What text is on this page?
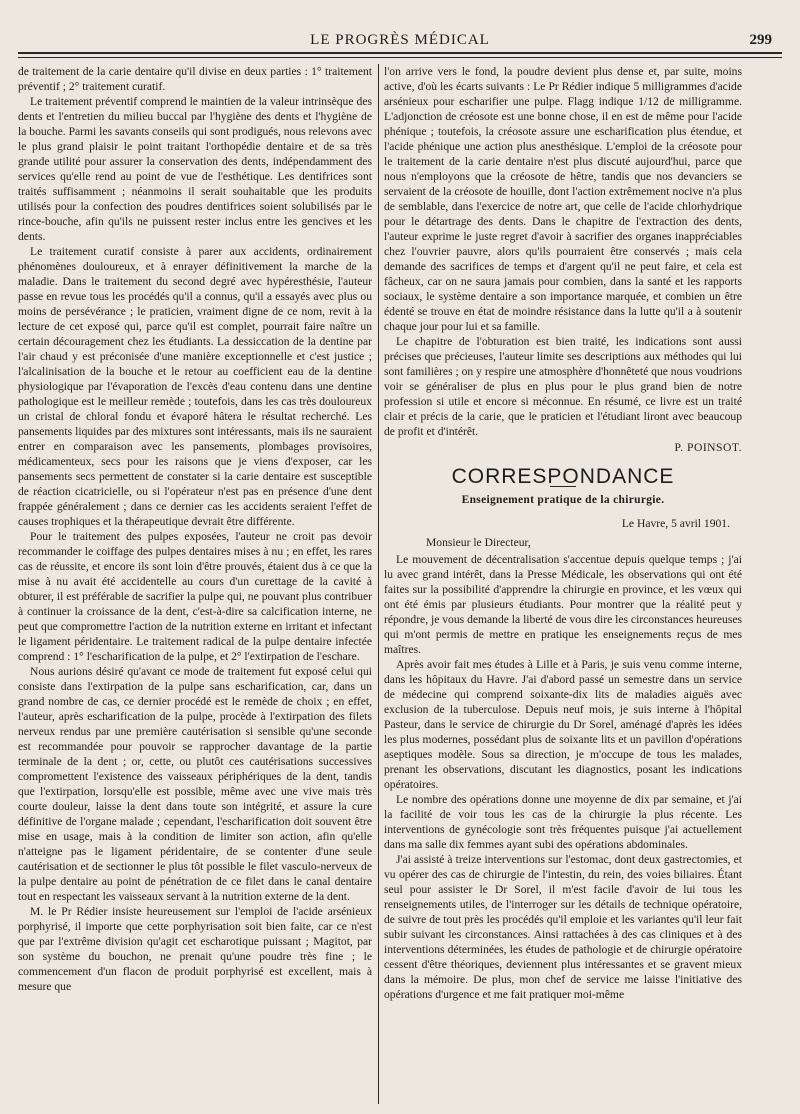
LE PROGRÈS MÉDICAL	299

de traitement de la carie dentaire qu'il divise en deux parties : 1° traitement préventif ; 2° traitement curatif.

Le traitement préventif comprend le maintien de la valeur intrinsèque des dents et l'entretien du milieu buccal par l'hygiène des dents et l'hygiène de la bouche. Parmi les savants conseils qui sont prodigués, nous relevons avec le plus grand plaisir le point traitant l'orthopédie dentaire et de sa très grande utilité pour assurer la conservation des dents, indépendamment des services qu'elle rend au point de vue de l'esthétique. Les dentifrices sont traités suffisamment ; néanmoins il serait souhaitable que les produits utilisés pour la confection des poudres dentifrices soient solubilisés par le rince-bouche, afin qu'ils ne puissent rester inclus entre les gencives et les dents.

Le traitement curatif consiste à parer aux accidents, ordinairement phénomènes douloureux, et à enrayer définitivement la marche de la maladie. Dans le traitement du second degré avec hypéresthésie, l'auteur passe en revue tous les procédés qu'il a connus, qu'il a essayés avec plus ou moins de persévérance ; le praticien, vraiment digne de ce nom, revit à la lecture de cet exposé qui, parce qu'il est complet, pourrait faire naître un certain découragement chez les étudiants. La dessiccation de la dentine par l'air chaud y est préconisée d'une manière exceptionnelle et c'est justice ; l'alcalinisation de la bouche et le retour au coefficient eau de la dentine physiologique par l'évaporation de l'excès d'eau contenu dans une dentine pathologique est le meilleur remède ; toutefois, dans les cas très douloureux un cristal de chloral fondu et évaporé hâtera le résultat recherché. Les pansements liquides par des mixtures sont intéressants, mais ils ne sauraient entrer en comparaison avec les pansements, plombages provisoires, médicamenteux, secs pour les raisons que je viens d'exposer, car les pansements secs permettent de constater si la carie dentaire est susceptible de réaction cicatricielle, ou si l'opérateur n'est pas en présence d'une dent frappée généralement ; dans ce dernier cas les accidents seraient l'effet de causes trophiques et la thérapeutique devrait être différente.

Pour le traitement des pulpes exposées, l'auteur ne croit pas devoir recommander le coiffage des pulpes dentaires mises à nu ; en effet, les rares cas de réussite, et encore ils sont loin d'être prouvés, étaient dus à ce que la mise à nu avait été accidentelle au cours d'un curettage de la cavité à obturer, il est préférable de sacrifier la pulpe qui, ne pouvant plus contribuer à continuer la croissance de la dent, c'est-à-dire sa calcification interne, ne peut que compromettre l'action de la nutrition externe en irritant et infectant le ligament péridentaire. Le traitement radical de la pulpe dentaire infectée comprend : 1° l'escharification de la pulpe, et 2° l'extirpation de l'eschare.

Nous aurions désiré qu'avant ce mode de traitement fut exposé celui qui consiste dans l'extirpation de la pulpe sans escharification, car, dans un grand nombre de cas, ce dernier procédé est le remède de choix ; en effet, l'auteur, après escharification de la pulpe, procède à l'extirpation des filets nerveux rendus par une première cautérisation si sensible qu'une seconde est recommandée pour pouvoir se rapprocher davantage de la partie terminale de la dent ; or, cette, ou plutôt ces cautérisations successives compromettent l'existence des vaisseaux périphériques de la dent, tandis que l'extirpation, lorsqu'elle est possible, même avec une vive mais très courte douleur, laisse la dent dans toute son intégrité, et assure la cure définitive de l'organe malade ; cependant, l'escharification doit souvent être mise en usage, mais à la condition de limiter son action, afin qu'elle n'atteigne pas le ligament péridentaire, de se contenter d'une seule cautérisation et de sectionner le plus tôt possible le filet vasculo-nerveux de la pulpe dentaire au point de pénétration de ce filet dans le canal dentaire tout en respectant les vaisseaux servant à la nutrition externe de la dent.

M. le Pr Rédier insiste heureusement sur l'emploi de l'acide arsénieux porphyrisé, il importe que cette porphyrisation soit bien faite, car ce n'est que par l'extrême division qu'agit cet escharotique puissant ; Magitot, par son système du bouchon, ne prenait qu'une poudre très fine ; le commencement d'un flacon de produit porphyrisé est excellent, mais à mesure que

l'on arrive vers le fond, la poudre devient plus dense et, par suite, moins active, d'où les écarts suivants : Le Pr Rédier indique 5 milligrammes d'acide arsénieux pour escharifier une pulpe. Flagg indique 1/12 de milligramme. L'adjonction de créosote est une bonne chose, il en est de même pour l'acide phénique ; toutefois, la créosote assure une escharification plus étendue, et l'acide phénique une action plus anesthésique. L'emploi de la créosote pour le traitement de la carie dentaire n'est plus discuté aujourd'hui, parce que nous n'employons que la créosote de hêtre, tandis que nos devanciers se servaient de la créosote de houille, dont l'action extrêmement nocive n'a plus de semblable, dans l'exercice de notre art, que celle de l'acide chlorhydrique pour le détartrage des dents. Dans le chapitre de l'extraction des dents, l'auteur exprime le juste regret d'avoir à sacrifier des organes inappréciables chez l'ouvrier pauvre, alors qu'ils pourraient être conservés ; mais cela demande des sacrifices de temps et d'argent qu'il ne peut faire, et cela est fâcheux, car on ne saura jamais pour combien, dans la santé et les rapports sociaux, le système dentaire a son importance marquée, et combien un être édenté se trouve en état de moindre résistance dans la lutte qu'il a à soutenir chaque jour pour lui et sa famille.

Le chapitre de l'obturation est bien traité, les indications sont aussi précises que précieuses, l'auteur limite ses descriptions aux méthodes qui lui sont familières ; on y respire une atmosphère d'honnêteté que nous voudrions voir se généraliser de plus en plus pour le plus grand bien de notre profession si utile et encore si méconnue. En résumé, ce livre est un traité clair et précis de la carie, que le praticien et l'étudiant liront avec beaucoup de profit et d'intérêt.

P. POINSOT.

CORRESPONDANCE
Enseignement pratique de la chirurgie.
Le Havre, 5 avril 1901.
Monsieur le Directeur,

Le mouvement de décentralisation s'accentue depuis quelque temps ; j'ai lu avec grand intérêt, dans la Presse Médicale, les observations qui ont été faites sur la possibilité d'apprendre la chirurgie en province, et les vœux qui ont été émis par plusieurs étudiants. Pour montrer que la réalité peut y répondre, je vous demande la liberté de vous dire les circonstances heureuses qui m'ont permis de mettre en pratique les enseignements reçus de mes maîtres.

Après avoir fait mes études à Lille et à Paris, je suis venu comme interne, dans les hôpitaux du Havre. J'ai d'abord passé un semestre dans un service de médecine qui comprend soixante-dix lits de maladies aiguës avec exclusion de la tuberculose. Depuis neuf mois, je suis interne à l'hôpital Pasteur, dans le service de chirurgie du Dr Sorel, aménagé d'après les idées les plus modernes, possédant plus de soixante lits et un pavillon d'opérations aseptiques modèle. Sous sa direction, je m'occupe de tous les malades, prenant les observations, discutant les diagnostics, posant les indications opératoires.

Le nombre des opérations donne une moyenne de dix par semaine, et j'ai la facilité de voir tous les cas de la chirurgie la plus récente. Les interventions de gynécologie sont très fréquentes puisque j'ai actuellement dans ma salle dix femmes ayant subi des opérations abdominales.

J'ai assisté à treize interventions sur l'estomac, dont deux gastrectomies, et vu opérer des cas de chirurgie de l'intestin, du rein, des voies biliaires. Étant seul pour assister le Dr Sorel, il m'est facile d'avoir de lui tous les renseignements utiles, de l'interroger sur les détails de technique opératoire, de suivre de tout près les procédés qu'il emploie et les variantes qu'il leur fait subir suivant les circonstances. Ainsi rattachées à des cas cliniques et à des interventions déterminées, les études de pathologie et de chirurgie opératoire cessent d'être théoriques, deviennent plus intéressantes et se gravent mieux dans la mémoire. De plus, mon chef de service me laisse l'initiative des opérations d'urgence et me fait pratiquer moi-même
